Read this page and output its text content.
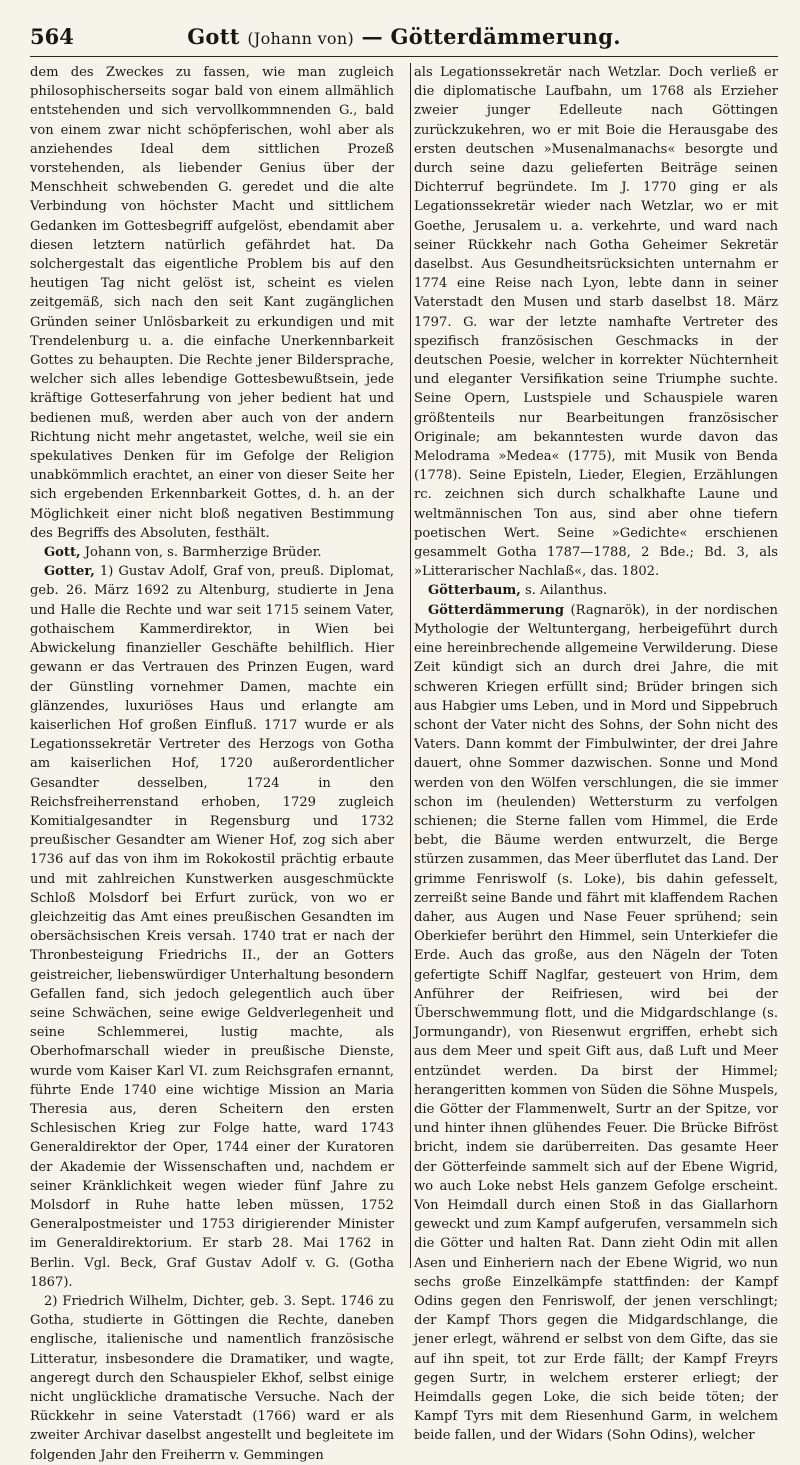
564	Gott (Johann von) — Götterdämmerung.

dem des Zweckes zu fassen, wie man zugleich philosophischerseits sogar bald von einem allmählich entstehenden und sich vervollkommnenden G., bald von einem zwar nicht schöpferischen, wohl aber als anziehendes Ideal dem sittlichen Prozeß vorstehenden, als liebender Genius über der Menschheit schwebenden G. geredet und die alte Verbindung von höchster Macht und sittlichem Gedanken im Gottesbegriff aufgelöst, ebendamit aber diesen letztern natürlich gefährdet hat. Da solchergestalt das eigentliche Problem bis auf den heutigen Tag nicht gelöst ist, scheint es vielen zeitgemäß, sich nach den seit Kant zugänglichen Gründen seiner Unlösbarkeit zu erkundigen und mit Trendelenburg u. a. die einfache Unerkennbarkeit Gottes zu behaupten. Die Rechte jener Bildersprache, welcher sich alles lebendige Gottesbewußtsein, jede kräftige Gotteserfahrung von jeher bedient hat und bedienen muß, werden aber auch von der andern Richtung nicht mehr angetastet, welche, weil sie ein spekulatives Denken für im Gefolge der Religion unabkömmlich erachtet, an einer von dieser Seite her sich ergebenden Erkennbarkeit Gottes, d. h. an der Möglichkeit einer nicht bloß negativen Bestimmung des Begriffs des Absoluten, festhält.

Gott, Johann von, s. Barmherzige Brüder.

Gotter, 1) Gustav Adolf, Graf von, preuß. Diplomat, geb. 26. März 1692 zu Altenburg, studierte in Jena und Halle die Rechte und war seit 1715 seinem Vater, gothaischem Kammerdirektor, in Wien bei Abwickelung finanzieller Geschäfte behilflich. Hier gewann er das Vertrauen des Prinzen Eugen, ward der Günstling vornehmer Damen, machte ein glänzendes, luxuriöses Haus und erlangte am kaiserlichen Hof großen Einfluß. 1717 wurde er als Legationssekretär Vertreter des Herzogs von Gotha am kaiserlichen Hof, 1720 außerordentlicher Gesandter desselben, 1724 in den Reichsfreiherrenstand erhoben, 1729 zugleich Komitialgesandter in Regensburg und 1732 preußischer Gesandter am Wiener Hof, zog sich aber 1736 auf das von ihm im Rokokostil prächtig erbaute und mit zahlreichen Kunstwerken ausgeschmückte Schloß Molsdorf bei Erfurt zurück, von wo er gleichzeitig das Amt eines preußischen Gesandten im obersächsischen Kreis versah. 1740 trat er nach der Thronbesteigung Friedrichs II., der an Gotters geistreicher, liebenswürdiger Unterhaltung besondern Gefallen fand, sich jedoch gelegentlich auch über seine Schwächen, seine ewige Geldverlegenheit und seine Schlemmerei, lustig machte, als Oberhofmarschall wieder in preußische Dienste, wurde vom Kaiser Karl VI. zum Reichsgrafen ernannt, führte Ende 1740 eine wichtige Mission an Maria Theresia aus, deren Scheitern den ersten Schlesischen Krieg zur Folge hatte, ward 1743 Generaldirektor der Oper, 1744 einer der Kuratoren der Akademie der Wissenschaften und, nachdem er seiner Kränklichkeit wegen wieder fünf Jahre zu Molsdorf in Ruhe hatte leben müssen, 1752 Generalpostmeister und 1753 dirigierender Minister im Generaldirektorium. Er starb 28. Mai 1762 in Berlin. Vgl. Beck, Graf Gustav Adolf v. G. (Gotha 1867).

2) Friedrich Wilhelm, Dichter, geb. 3. Sept. 1746 zu Gotha, studierte in Göttingen die Rechte, daneben englische, italienische und namentlich französische Litteratur, insbesondere die Dramatiker, und wagte, angeregt durch den Schauspieler Ekhof, selbst einige nicht unglückliche dramatische Versuche. Nach der Rückkehr in seine Vaterstadt (1766) ward er als zweiter Archivar daselbst angestellt und begleitete im folgenden Jahr den Freiherrn v. Gemmingen

als Legationssekretär nach Wetzlar. Doch verließ er die diplomatische Laufbahn, um 1768 als Erzieher zweier junger Edelleute nach Göttingen zurückzukehren, wo er mit Boie die Herausgabe des ersten deutschen »Musenalmanachs« besorgte und durch seine dazu gelieferten Beiträge seinen Dichterruf begründete. Im J. 1770 ging er als Legationssekretär wieder nach Wetzlar, wo er mit Goethe, Jerusalem u. a. verkehrte, und ward nach seiner Rückkehr nach Gotha Geheimer Sekretär daselbst. Aus Gesundheitsrücksichten unternahm er 1774 eine Reise nach Lyon, lebte dann in seiner Vaterstadt den Musen und starb daselbst 18. März 1797. G. war der letzte namhafte Vertreter des spezifisch französischen Geschmacks in der deutschen Poesie, welcher in korrekter Nüchternheit und eleganter Versifikation seine Triumphe suchte. Seine Opern, Lustspiele und Schauspiele waren größtenteils nur Bearbeitungen französischer Originale; am bekanntesten wurde davon das Melodrama »Medea« (1775), mit Musik von Benda (1778). Seine Episteln, Lieder, Elegien, Erzählungen rc. zeichnen sich durch schalkhafte Laune und weltmännischen Ton aus, sind aber ohne tiefern poetischen Wert. Seine »Gedichte« erschienen gesammelt Gotha 1787—1788, 2 Bde.; Bd. 3, als »Litterarischer Nachlaß«, das. 1802.

Götterbaum, s. Ailanthus.

Götterdämmerung (Ragnarök), in der nordischen Mythologie der Weltuntergang, herbeigeführt durch eine hereinbrechende allgemeine Verwilderung. Diese Zeit kündigt sich an durch drei Jahre, die mit schweren Kriegen erfüllt sind; Brüder bringen sich aus Habgier ums Leben, und in Mord und Sippebruch schont der Vater nicht des Sohns, der Sohn nicht des Vaters. Dann kommt der Fimbulwinter, der drei Jahre dauert, ohne Sommer dazwischen. Sonne und Mond werden von den Wölfen verschlungen, die sie immer schon im (heulenden) Wettersturm zu verfolgen schienen; die Sterne fallen vom Himmel, die Erde bebt, die Bäume werden entwurzelt, die Berge stürzen zusammen, das Meer überflutet das Land. Der grimme Fenriswolf (s. Loke), bis dahin gefesselt, zerreißt seine Bande und fährt mit klaffendem Rachen daher, aus Augen und Nase Feuer sprühend; sein Oberkiefer berührt den Himmel, sein Unterkiefer die Erde. Auch das große, aus den Nägeln der Toten gefertigte Schiff Naglfar, gesteuert von Hrim, dem Anführer der Reifriesen, wird bei der Überschwemmung flott, und die Midgardschlange (s. Jormungandr), von Riesenwut ergriffen, erhebt sich aus dem Meer und speit Gift aus, daß Luft und Meer entzündet werden. Da birst der Himmel; herangeritten kommen von Süden die Söhne Muspels, die Götter der Flammenwelt, Surtr an der Spitze, vor und hinter ihnen glühendes Feuer. Die Brücke Bifröst bricht, indem sie darüberreiten. Das gesamte Heer der Götterfeinde sammelt sich auf der Ebene Wigrid, wo auch Loke nebst Hels ganzem Gefolge erscheint. Von Heimdall durch einen Stoß in das Giallarhorn geweckt und zum Kampf aufgerufen, versammeln sich die Götter und halten Rat. Dann zieht Odin mit allen Asen und Einheriern nach der Ebene Wigrid, wo nun sechs große Einzelkämpfe stattfinden: der Kampf Odins gegen den Fenriswolf, der jenen verschlingt; der Kampf Thors gegen die Midgardschlange, die jener erlegt, während er selbst von dem Gifte, das sie auf ihn speit, tot zur Erde fällt; der Kampf Freyrs gegen Surtr, in welchem ersterer erliegt; der Heimdalls gegen Loke, die sich beide töten; der Kampf Tyrs mit dem Riesenhund Garm, in welchem beide fallen, und der Widars (Sohn Odins), welcher
